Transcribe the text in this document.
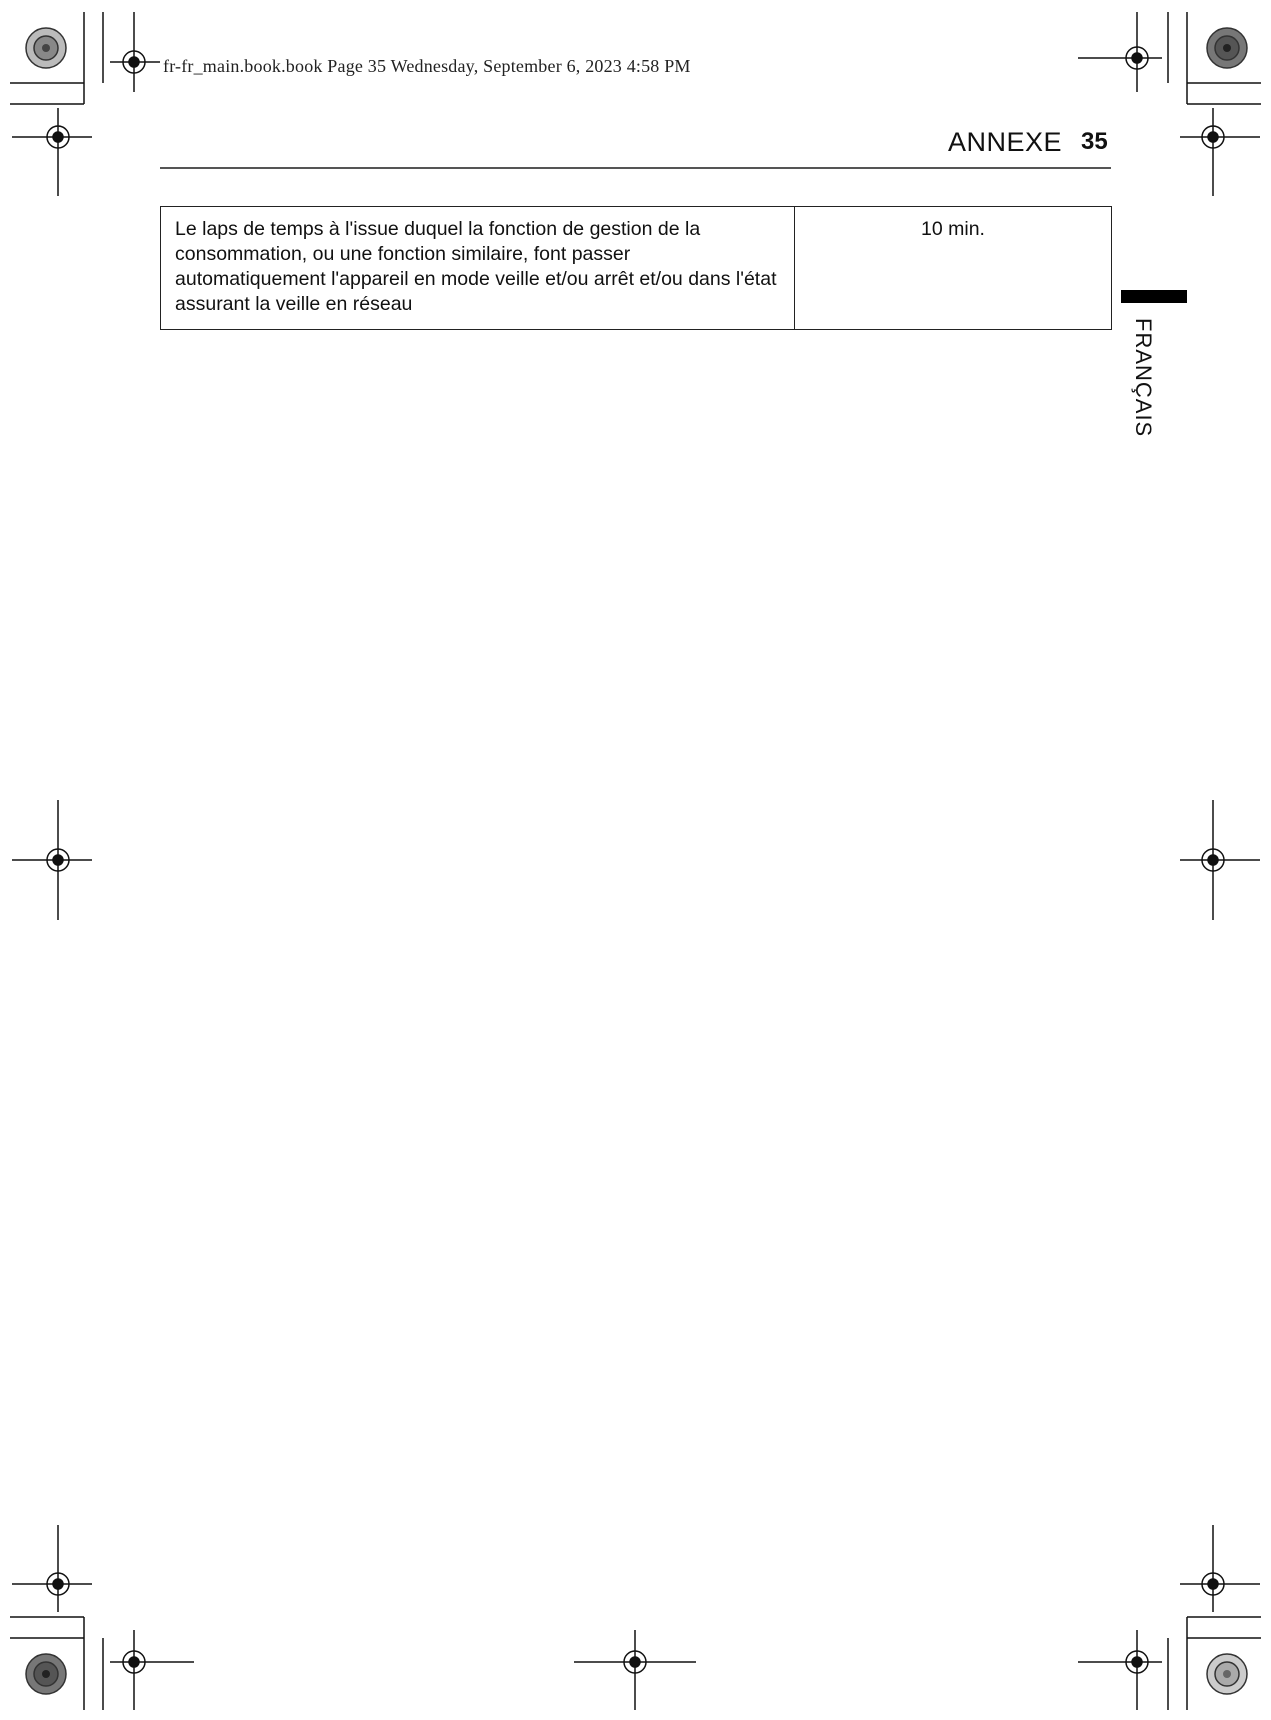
fr-fr_main.book.book Page 35 Wednesday, September 6, 2023 4:58 PM
ANNEXE 35
Le laps de temps à l'issue duquel la fonction de gestion de la consommation, ou une fonction similaire, font passer automatiquement l'appareil en mode veille et/ou arrêt et/ou dans l'état assurant la veille en réseau	10 min.
FRANÇAIS
